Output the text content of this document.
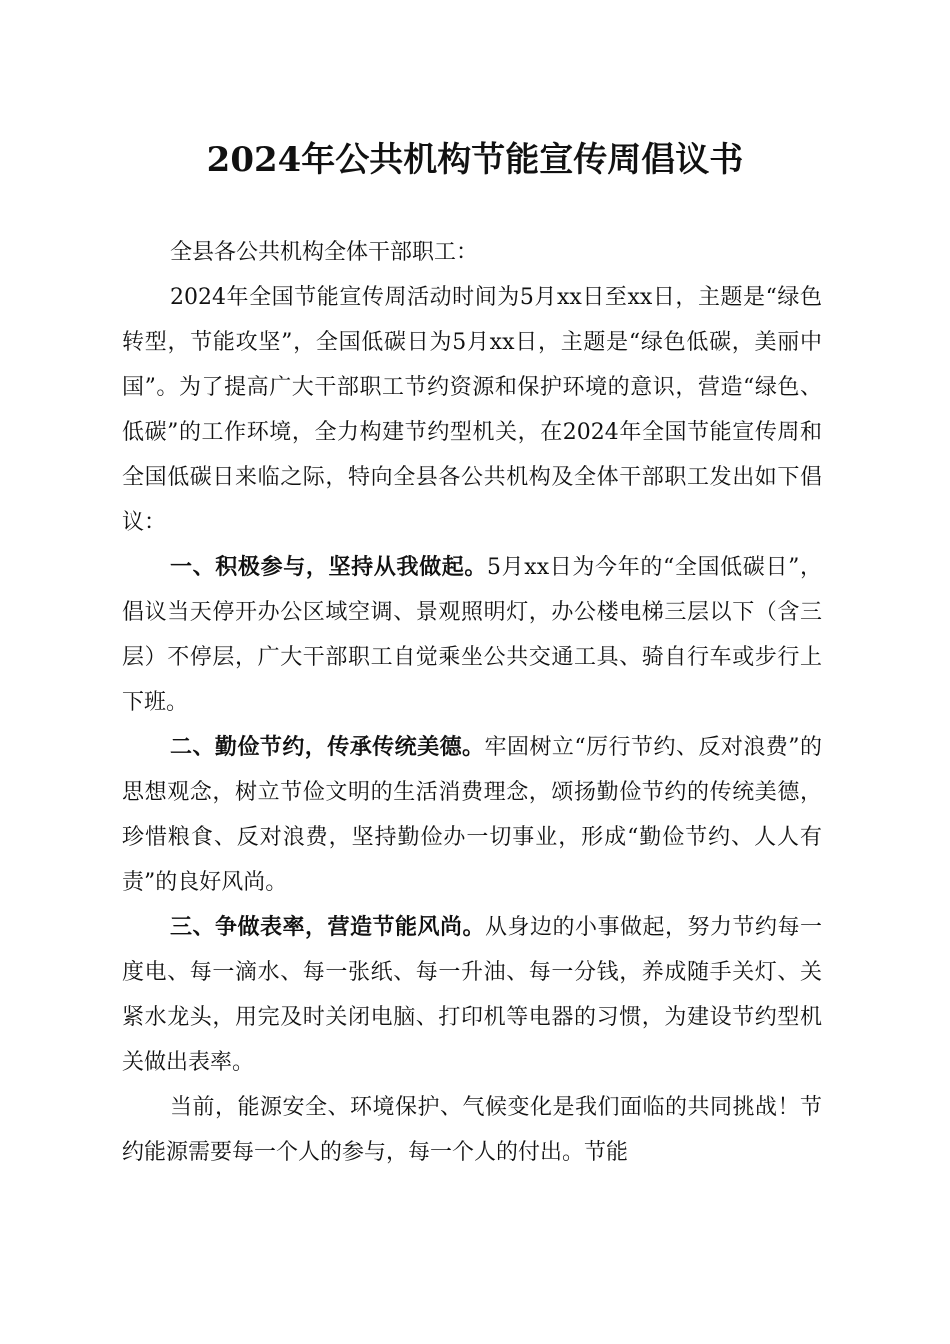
2024年公共机构节能宣传周倡议书

全县各公共机构全体干部职工：

2024年全国节能宣传周活动时间为5月xx日至xx日，主题是“绿色转型，节能攻坚”，全国低碳日为5月xx日，主题是“绿色低碳，美丽中国”。为了提高广大干部职工节约资源和保护环境的意识，营造“绿色、低碳”的工作环境，全力构建节约型机关，在2024年全国节能宣传周和全国低碳日来临之际，特向全县各公共机构及全体干部职工发出如下倡议：

一、积极参与，坚持从我做起。5月xx日为今年的“全国低碳日”，倡议当天停开办公区域空调、景观照明灯，办公楼电梯三层以下（含三层）不停层，广大干部职工自觉乘坐公共交通工具、骑自行车或步行上下班。

二、勤俭节约，传承传统美德。牢固树立“厉行节约、反对浪费”的思想观念，树立节俭文明的生活消费理念，颂扬勤俭节约的传统美德，珍惜粮食、反对浪费，坚持勤俭办一切事业，形成“勤俭节约、人人有责”的良好风尚。

三、争做表率，营造节能风尚。从身边的小事做起，努力节约每一度电、每一滴水、每一张纸、每一升油、每一分钱，养成随手关灯、关紧水龙头，用完及时关闭电脑、打印机等电器的习惯，为建设节约型机关做出表率。

当前，能源安全、环境保护、气候变化是我们面临的共同挑战！节约能源需要每一个人的参与，每一个人的付出。节能
